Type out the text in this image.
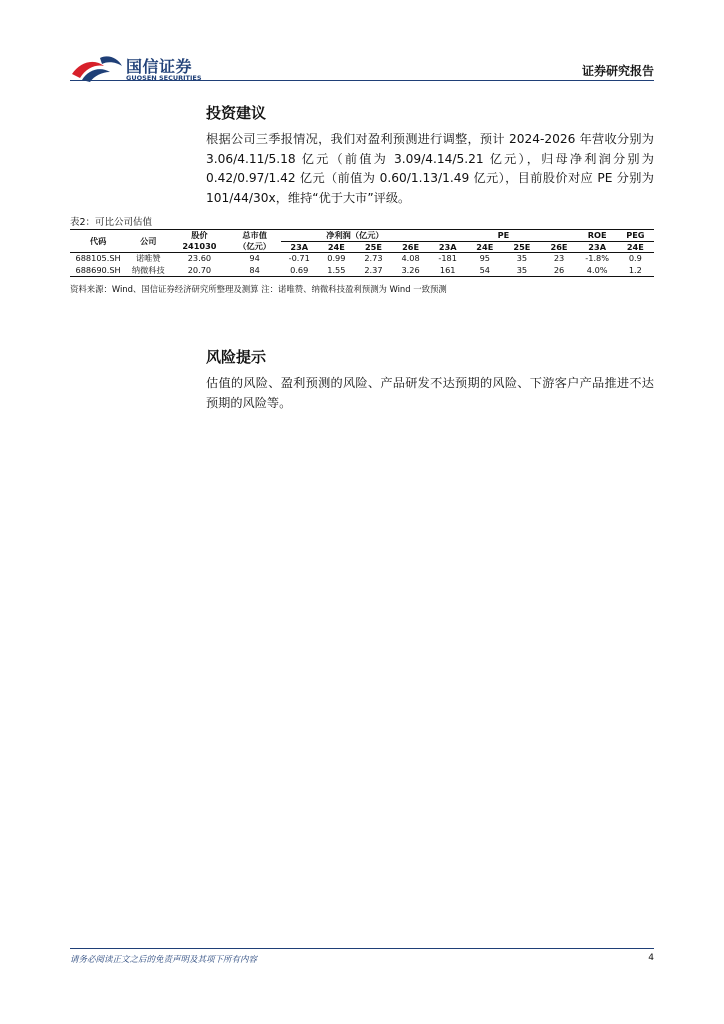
国信证券
GUOSEN SECURITIES	证券研究报告
投资建议
根据公司三季报情况，我们对盈利预测进行调整，预计 2024-2026 年营收分别为 3.06/4.11/5.18 亿元（前值为 3.09/4.14/5.21 亿元），归母净利润分别为 0.42/0.97/1.42 亿元（前值为 0.60/1.13/1.49 亿元），目前股价对应 PE 分别为 101/44/30x，维持“优于大市”评级。
表2：可比公司估值
代码	公司	股价	总市值	净利润（亿元）				PE				ROE	PEG
		241030	（亿元）	23A	24E	25E	26E	23A	24E	25E	26E	23A	24E
688105.SH	诺唯赞	23.60	94	-0.71	0.99	2.73	4.08	-181	95	35	23	-1.8%	0.9
688690.SH	纳微科技	20.70	84	0.69	1.55	2.37	3.26	161	54	35	26	4.0%	1.2
资料来源：Wind、国信证券经济研究所整理及测算 注：诺唯赞、纳微科技盈利预测为 Wind 一致预测
风险提示
估值的风险、盈利预测的风险、产品研发不达预期的风险、下游客户产品推进不达预期的风险等。
请务必阅读正文之后的免责声明及其项下所有内容	4
